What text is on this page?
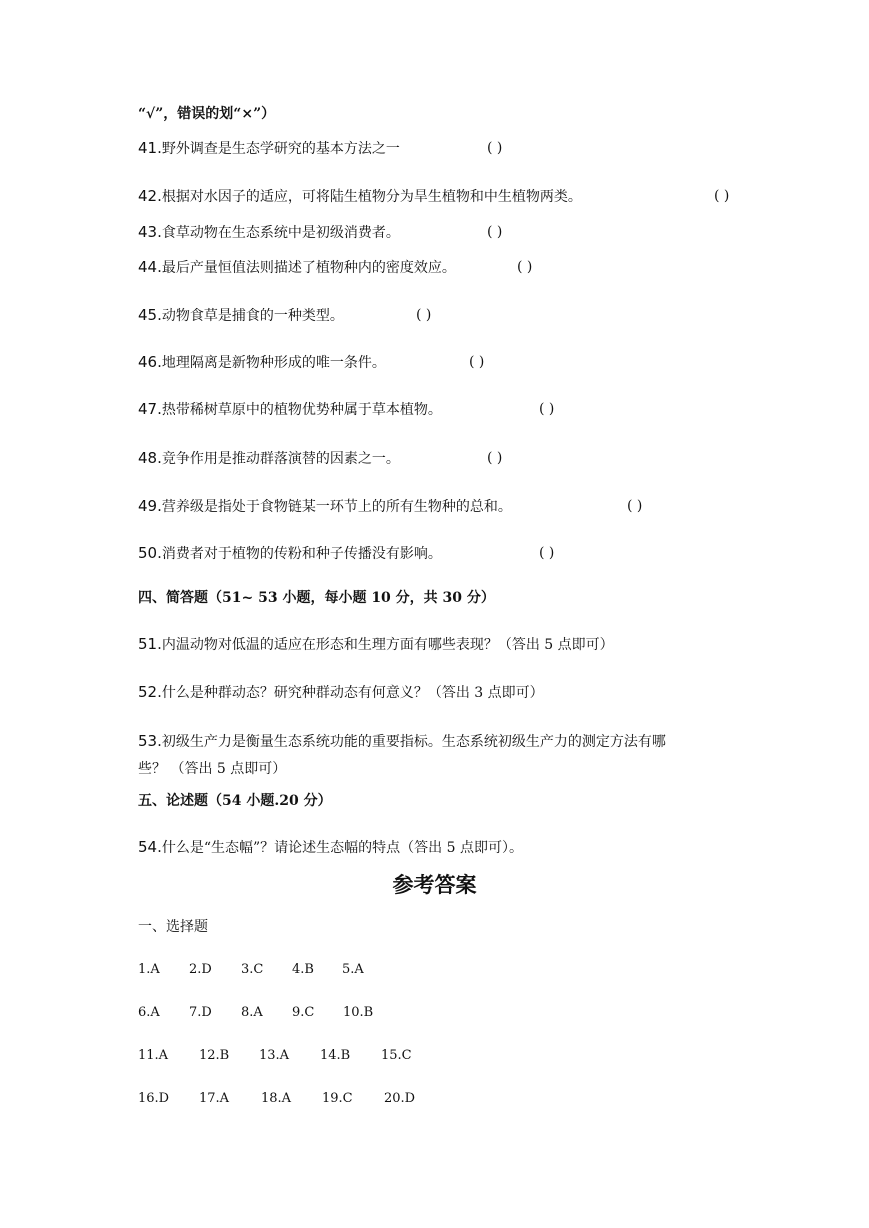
“√”，错误的划“×”）
41.野外调查是生态学研究的基本方法之一	( )
42.根据对水因子的适应，可将陆生植物分为旱生植物和中生植物两类。	( )
43.食草动物在生态系统中是初级消费者。	( )
44.最后产量恒值法则描述了植物种内的密度效应。	( )
45.动物食草是捕食的一种类型。	( )
46.地理隔离是新物种形成的唯一条件。	( )
47.热带稀树草原中的植物优势种属于草本植物。	( )
48.竞争作用是推动群落演替的因素之一。	( )
49.营养级是指处于食物链某一环节上的所有生物种的总和。	( )
50.消费者对于植物的传粉和种子传播没有影响。	( )
四、简答题（51~ 53 小题，每小题 10 分，共 30 分）
51.内温动物对低温的适应在形态和生理方面有哪些表现？（答出 5 点即可）
52.什么是种群动态？研究种群动态有何意义？（答出 3 点即可）
53.初级生产力是衡量生态系统功能的重要指标。生态系统初级生产力的测定方法有哪
些？ （答出 5 点即可）
五、论述题（54 小题.20 分）
54.什么是“生态幅”？请论述生态幅的特点（答出 5 点即可）。
参考答案
一、选择题
1.A 2.D 3.C 4.B 5.A
6.A 7.D 8.A 9.C 10.B
11.A 12.B 13.A 14.B 15.C
16.D 17.A 18.A 19.C 20.D
